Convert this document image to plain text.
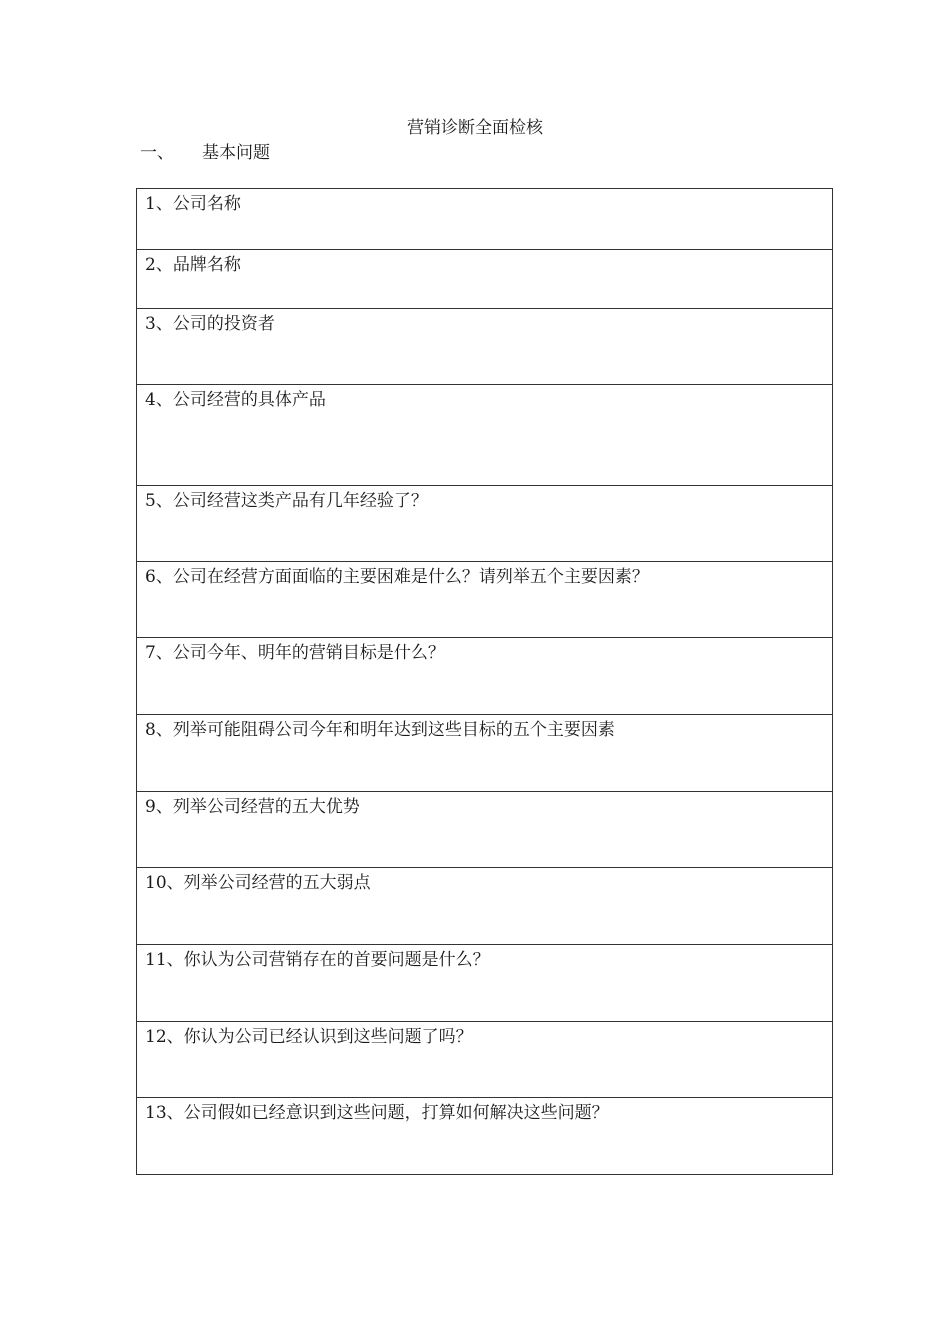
营销诊断全面检核
一、 基本问题
1、公司名称
2、品牌名称
3、公司的投资者
4、公司经营的具体产品
5、公司经营这类产品有几年经验了？
6、公司在经营方面面临的主要困难是什么？请列举五个主要因素？
7、公司今年、明年的营销目标是什么？
8、列举可能阻碍公司今年和明年达到这些目标的五个主要因素
9、列举公司经营的五大优势
10、列举公司经营的五大弱点
11、你认为公司营销存在的首要问题是什么？
12、你认为公司已经认识到这些问题了吗？
13、公司假如已经意识到这些问题，打算如何解决这些问题？
